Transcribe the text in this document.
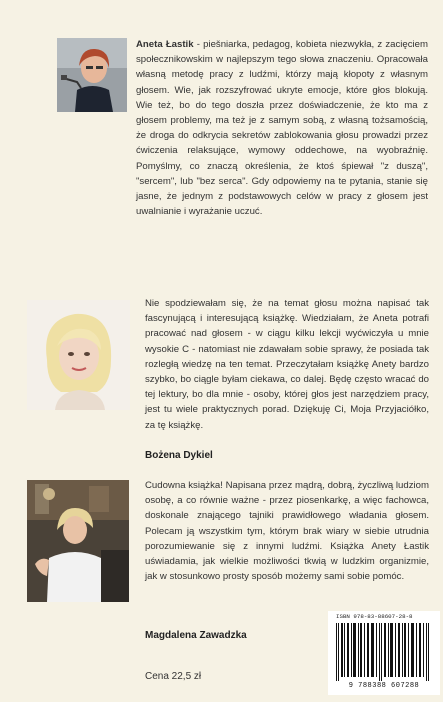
Aneta Łastik - piešniarka, pedagog, kobieta niezwykła, z zacięciem społecznikowskim w najlepszym tego słowa znaczeniu. Opracowała własną metodę pracy z ludźmi, którzy mają kłopoty z własnym głosem. Wie, jak rozszyfrować ukryte emocje, które głos blokują. Wie też, bo do tego doszła przez doświadczenie, że kto ma z głosem problemy, ma też je z samym sobą, z własną tożsamością, że droga do odkrycia sekretów zablokowania głosu prowadzi przez ćwiczenia relaksujące, wymowy oddechowe, na wyobraźnię. Pomyślmy, co znaczą określenia, że ktoś śpiewał "z duszą", "sercem", lub "bez serca". Gdy odpowiemy na te pytania, stanie się jasne, że jednym z podstawowych celów w pracy z głosem jest uwalnianie i wyrażanie uczuć.
Nie spodziewałam się, że na temat głosu można napisać tak fascynującą i interesującą książkę. Wiedziałam, że Aneta potrafi pracować nad głosem - w ciągu kilku lekcji wyćwiczyła u mnie wysokie C - natomiast nie zdawałam sobie sprawy, że posiada tak rozległą wiedzę na ten temat. Przeczytałam książkę Anety bardzo szybko, bo ciągle byłam ciekawa, co dalej. Będę często wracać do tej lektury, bo dla mnie - osoby, której głos jest narzędziem pracy, jest tu wiele praktycznych porad. Dziękuję Ci, Moja Przyjaciółko, za tę książkę.
Bożena Dykiel
Cudowna książka! Napisana przez mądrą, dobrą, życzliwą ludziom osobę, a co równie ważne - przez piosenkarkę, a więc fachowca, doskonale znającego tajniki prawidłowego władania głosem. Polecam ją wszystkim tym, którym brak wiary w siebie utrudnia porozumiewanie się z innymi ludźmi. Książka Anety Łastik uświadamia, jak wielkie możliwości tkwią w ludzkim organizmie, jak w stosunkowo prosty sposób możemy sami sobie pomóc.
Magdalena Zawadzka
Cena 22,5 zł
ISBN 978-83-88607-28-8
9 788388 607288
